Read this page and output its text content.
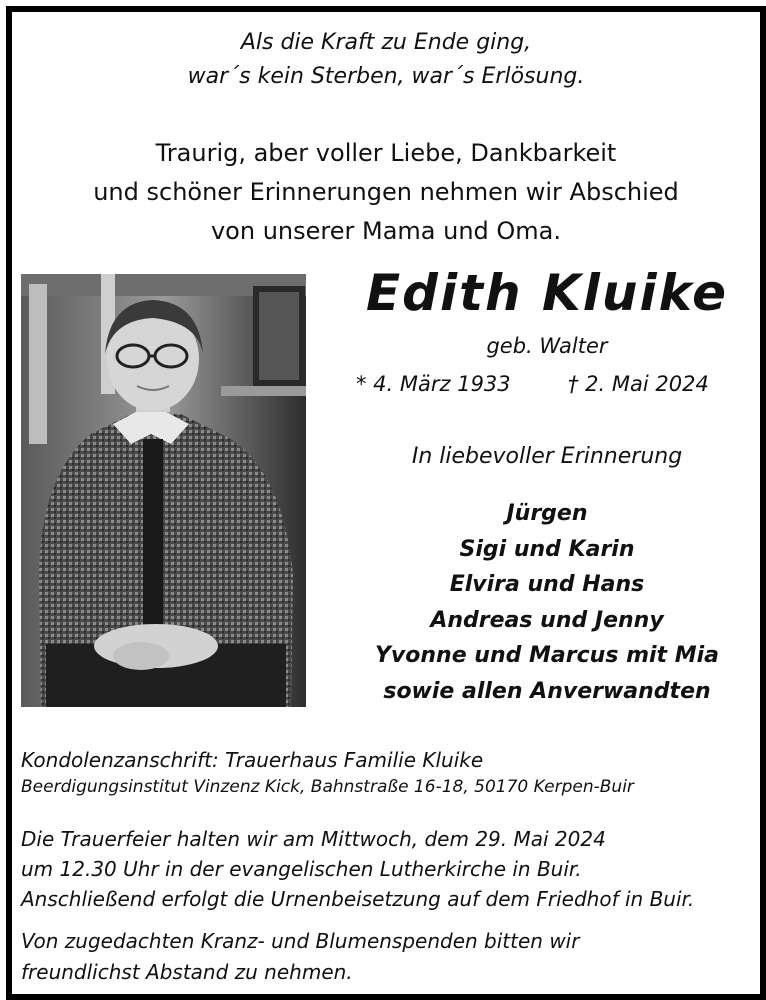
Als die Kraft zu Ende ging,
war´s kein Sterben, war´s Erlösung.
Traurig, aber voller Liebe, Dankbarkeit
und schöner Erinnerungen nehmen wir Abschied
von unserer Mama und Oma.
Edith Kluike
geb. Walter
* 4. März 1933	† 2. Mai 2024
In liebevoller Erinnerung
Jürgen
Sigi und Karin
Elvira und Hans
Andreas und Jenny
Yvonne und Marcus mit Mia
sowie allen Anverwandten
Kondolenzanschrift: Trauerhaus Familie Kluike
Beerdigungsinstitut Vinzenz Kick, Bahnstraße 16-18, 50170 Kerpen-Buir
Die Trauerfeier halten wir am Mittwoch, dem 29. Mai 2024
um 12.30 Uhr in der evangelischen Lutherkirche in Buir.
Anschließend erfolgt die Urnenbeisetzung auf dem Friedhof in Buir.
Von zugedachten Kranz- und Blumenspenden bitten wir
freundlichst Abstand zu nehmen.
